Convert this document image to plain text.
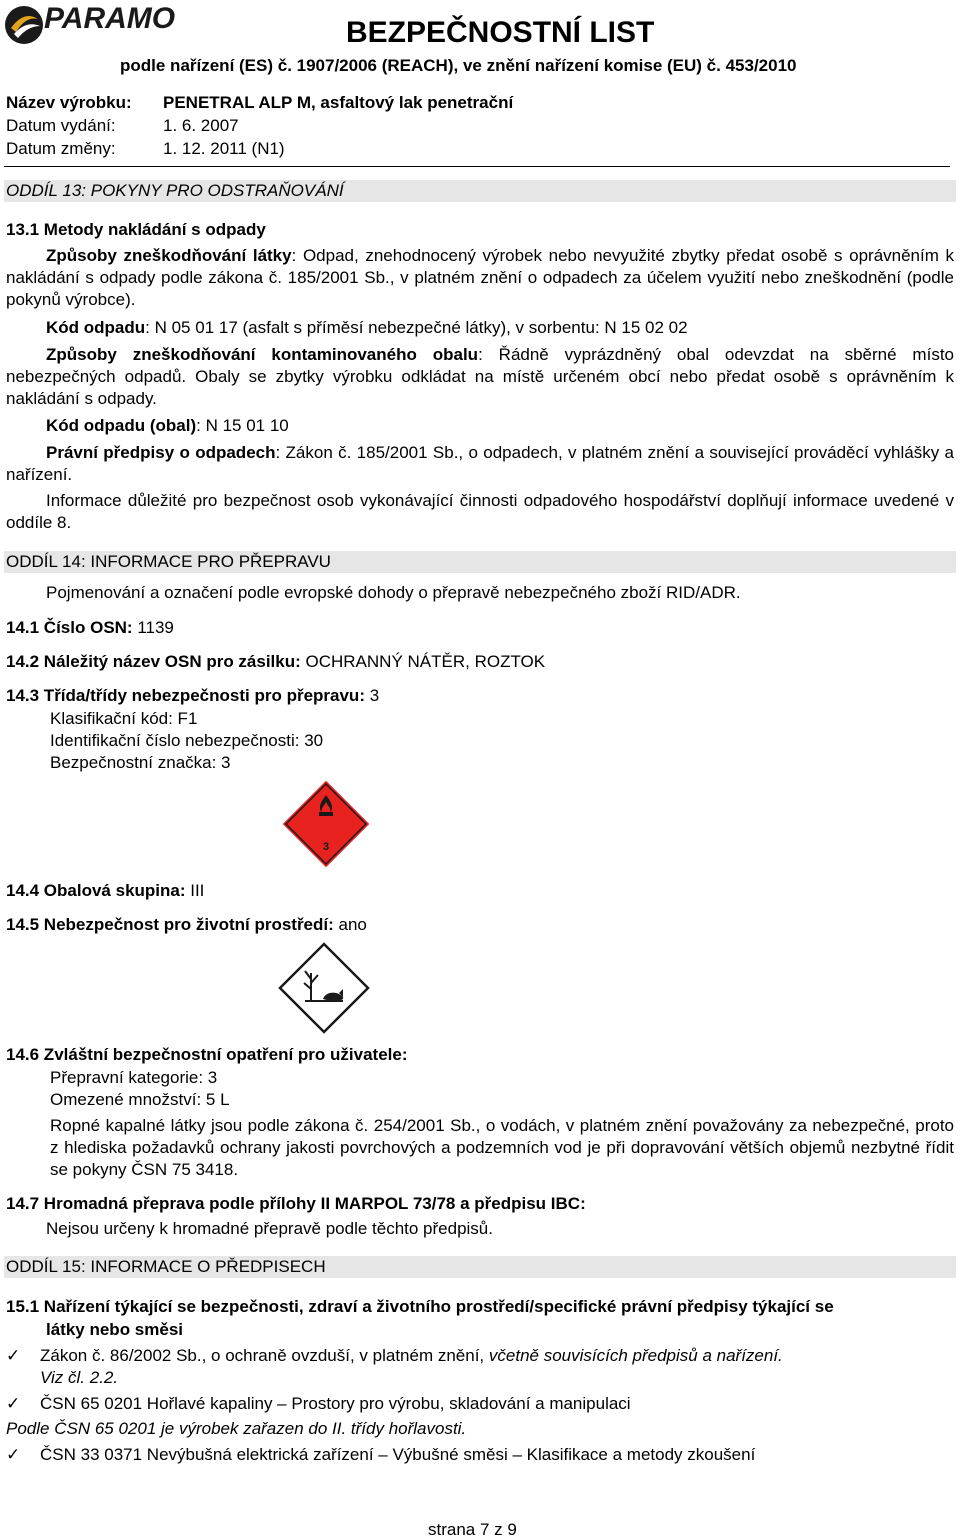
PARAMO	BEZPEČNOSTNÍ LIST
podle nařízení (ES) č. 1907/2006 (REACH), ve znění nařízení komise (EU) č. 453/2010
Název výrobku: PENETRAL ALP M, asfaltový lak penetrační
Datum vydání:	1. 6. 2007
Datum změny:	1. 12. 2011 (N1)
ODDÍL 13: POKYNY PRO ODSTRAŇOVÁNÍ
13.1 Metody nakládání s odpady
Způsoby zneškodňování látky: Odpad, znehodnocený výrobek nebo nevyužité zbytky předat osobě s oprávněním k nakládání s odpady podle zákona č. 185/2001 Sb., v platném znění o odpadech za účelem využití nebo zneškodnění (podle pokynů výrobce).
Kód odpadu: N 05 01 17 (asfalt s příměsí nebezpečné látky), v sorbentu: N 15 02 02
Způsoby zneškodňování kontaminovaného obalu: Řádně vyprázdněný obal odevzdat na sběrné místo nebezpečných odpadů. Obaly se zbytky výrobku odkládat na místě určeném obcí nebo předat osobě s oprávněním k nakládání s odpady.
Kód odpadu (obal): N 15 01 10
Právní předpisy o odpadech: Zákon č. 185/2001 Sb., o odpadech, v platném znění a související prováděcí vyhlášky a nařízení.
Informace důležité pro bezpečnost osob vykonávající činnosti odpadového hospodářství doplňují informace uvedené v oddíle 8.
ODDÍL 14: INFORMACE PRO PŘEPRAVU
Pojmenování a označení podle evropské dohody o přepravě nebezpečného zboží RID/ADR.
14.1 Číslo OSN: 1139
14.2 Náležitý název OSN pro zásilku: OCHRANNÝ NÁTĚR, ROZTOK
14.3 Třída/třídy nebezpečnosti pro přepravu: 3
Klasifikační kód: F1
Identifikační číslo nebezpečnosti: 30
Bezpečnostní značka: 3
3
14.4 Obalová skupina: III
14.5 Nebezpečnost pro životní prostředí: ano
14.6 Zvláštní bezpečnostní opatření pro uživatele:
Přepravní kategorie: 3
Omezené množství: 5 L
Ropné kapalné látky jsou podle zákona č. 254/2001 Sb., o vodách, v platném znění považovány za nebezpečné, proto z hlediska požadavků ochrany jakosti povrchových a podzemních vod je při dopravování větších objemů nezbytné řídit se pokyny ČSN 75 3418.
14.7 Hromadná přeprava podle přílohy II MARPOL 73/78 a předpisu IBC:
Nejsou určeny k hromadné přepravě podle těchto předpisů.
ODDÍL 15: INFORMACE O PŘEDPISECH
15.1 Nařízení týkající se bezpečnosti, zdraví a životního prostředí/specifické právní předpisy týkající se
látky nebo směsi
✓ Zákon č. 86/2002 Sb., o ochraně ovzduší, v platném znění, včetně souvisících předpisů a nařízení.
Viz čl. 2.2.
✓ ČSN 65 0201 Hořlavé kapaliny – Prostory pro výrobu, skladování a manipulaci
Podle ČSN 65 0201 je výrobek zařazen do II. třídy hořlavosti.
✓ ČSN 33 0371 Nevýbušná elektrická zařízení – Výbušné směsi – Klasifikace a metody zkoušení
strana 7 z 9
